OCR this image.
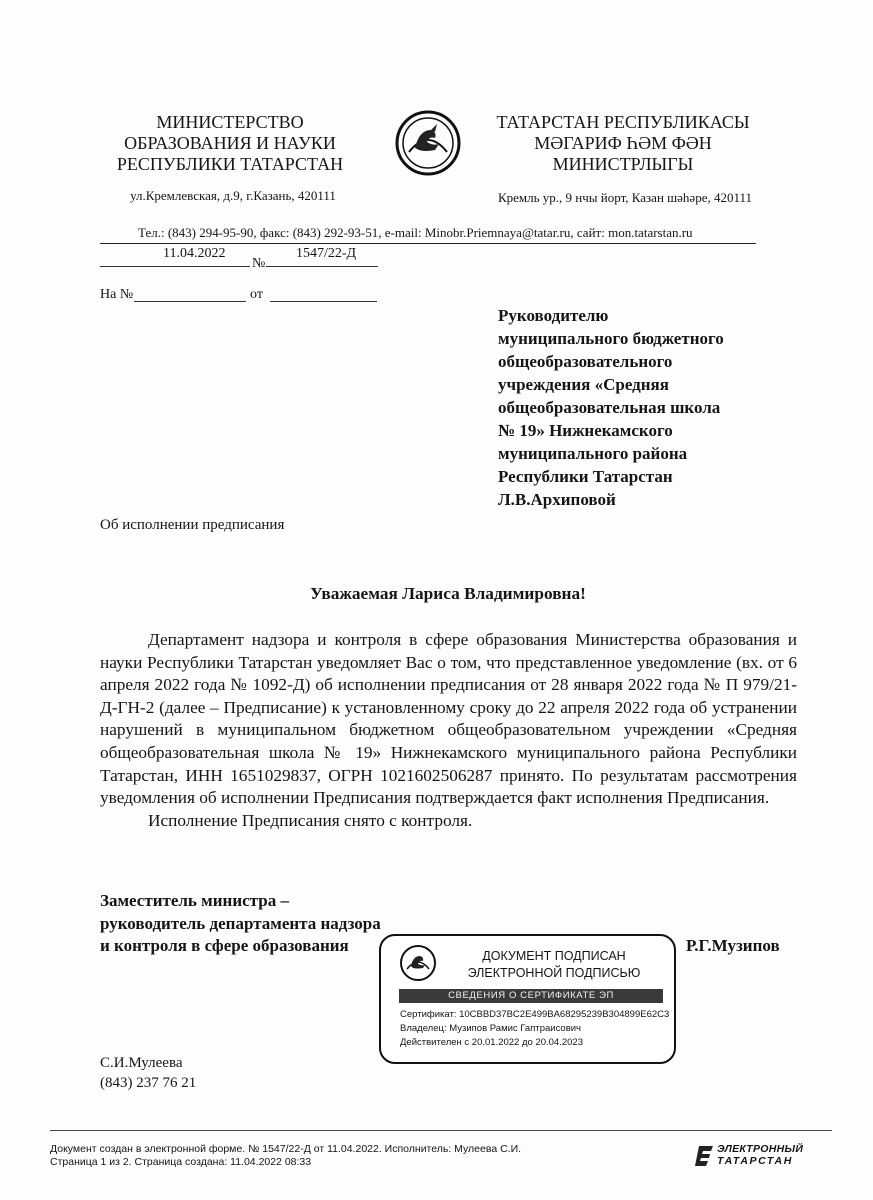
МИНИСТЕРСТВО
ОБРАЗОВАНИЯ И НАУКИ
РЕСПУБЛИКИ ТАТАРСТАН
ул.Кремлевская, д.9, г.Казань, 420111
ТАТАРСТАН РЕСПУБЛИКАСЫ
МӘГАРИФ ҺӘМ ФӘН
МИНИСТРЛЫГЫ
Кремль ур., 9 нчы йорт, Казан шәһәре, 420111
Тел.: (843) 294-95-90, факс: (843) 292-93-51, e-mail: Minobr.Priemnaya@tatar.ru, сайт: mon.tatarstan.ru
11.04.2022
№
1547/22-Д
На №	от
Руководителю
муниципального бюджетного
общеобразовательного
учреждения «Средняя
общеобразовательная школа
№ 19» Нижнекамского
муниципального района
Республики Татарстан
Л.В.Архиповой
Об исполнении предписания
Уважаемая Лариса Владимировна!

Департамент надзора и контроля в сфере образования Министерства образования и науки Республики Татарстан уведомляет Вас о том, что представленное уведомление (вх. от 6 апреля 2022 года № 1092-Д) об исполнении предписания от 28 января 2022 года № П 979/21-Д-ГН-2 (далее – Предписание) к установленному сроку до 22 апреля 2022 года об устранении нарушений в муниципальном бюджетном общеобразовательном учреждении «Средняя общеобразовательная школа № 19» Нижнекамского муниципального района Республики Татарстан, ИНН 1651029837, ОГРН 1021602506287 принято. По результатам рассмотрения уведомления об исполнении Предписания подтверждается факт исполнения Предписания.

Исполнение Предписания снято с контроля.

Заместитель министра –
руководитель департамента надзора
и контроля в сфере образования	Р.Г.Музипов
ДОКУМЕНТ ПОДПИСАН
ЭЛЕКТРОННОЙ ПОДПИСЬЮ
СВЕДЕНИЯ О СЕРТИФИКАТЕ ЭП
Сертификат: 10CBBD37BC2E499BA68295239B304899E62C3
Владелец: Музипов Рамис Гаптраисович
Действителен с 20.01.2022 до 20.04.2023
С.И.Мулеева
(843) 237 76 21
Документ создан в электронной форме. № 1547/22-Д от 11.04.2022. Исполнитель: Мулеева С.И.
Страница 1 из 2. Страница создана: 11.04.2022 08:33
ЭЛЕКТРОННЫЙ
ТАТАРСТАН
